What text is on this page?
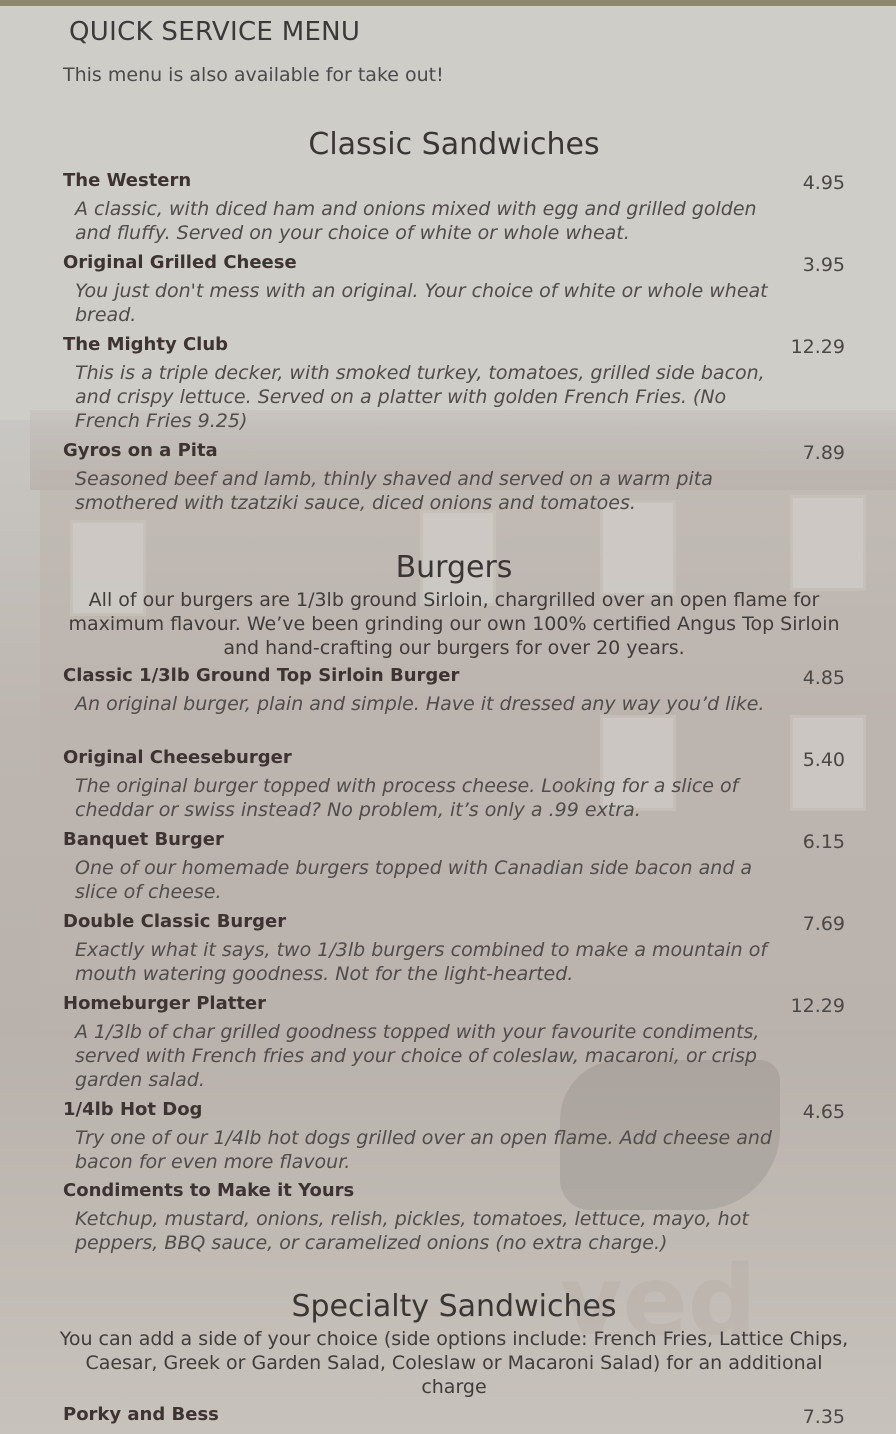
ved
QUICK SERVICE MENU
This menu is also available for take out!
Classic Sandwiches
The Western	4.95
A classic, with diced ham and onions mixed with egg and grilled golden and fluffy. Served on your choice of white or whole wheat.
Original Grilled Cheese	3.95
You just don't mess with an original. Your choice of white or whole wheat bread.
The Mighty Club	12.29
This is a triple decker, with smoked turkey, tomatoes, grilled side bacon, and crispy lettuce. Served on a platter with golden French Fries. (No French Fries 9.25)
Gyros on a Pita	7.89
Seasoned beef and lamb, thinly shaved and served on a warm pita smothered with tzatziki sauce, diced onions and tomatoes.
Burgers
All of our burgers are 1/3lb ground Sirloin, chargrilled over an open flame for maximum flavour. We’ve been grinding our own 100% certified Angus Top Sirloin and hand-crafting our burgers for over 20 years.
Classic 1/3lb Ground Top Sirloin Burger	4.85
An original burger, plain and simple. Have it dressed any way you’d like.
Original Cheeseburger	5.40
The original burger topped with process cheese. Looking for a slice of cheddar or swiss instead? No problem, it’s only a .99 extra.
Banquet Burger	6.15
One of our homemade burgers topped with Canadian side bacon and a slice of cheese.
Double Classic Burger	7.69
Exactly what it says, two 1/3lb burgers combined to make a mountain of mouth watering goodness. Not for the light-hearted.
Homeburger Platter	12.29
A 1/3lb of char grilled goodness topped with your favourite condiments, served with French fries and your choice of coleslaw, macaroni, or crisp garden salad.
1/4lb Hot Dog	4.65
Try one of our 1/4lb hot dogs grilled over an open flame. Add cheese and bacon for even more flavour.
Condiments to Make it Yours
Ketchup, mustard, onions, relish, pickles, tomatoes, lettuce, mayo, hot peppers, BBQ sauce, or caramelized onions (no extra charge.)
Specialty Sandwiches
You can add a side of your choice (side options include: French Fries, Lattice Chips, Caesar, Greek or Garden Salad, Coleslaw or Macaroni Salad) for an additional charge
Porky and Bess	7.35
